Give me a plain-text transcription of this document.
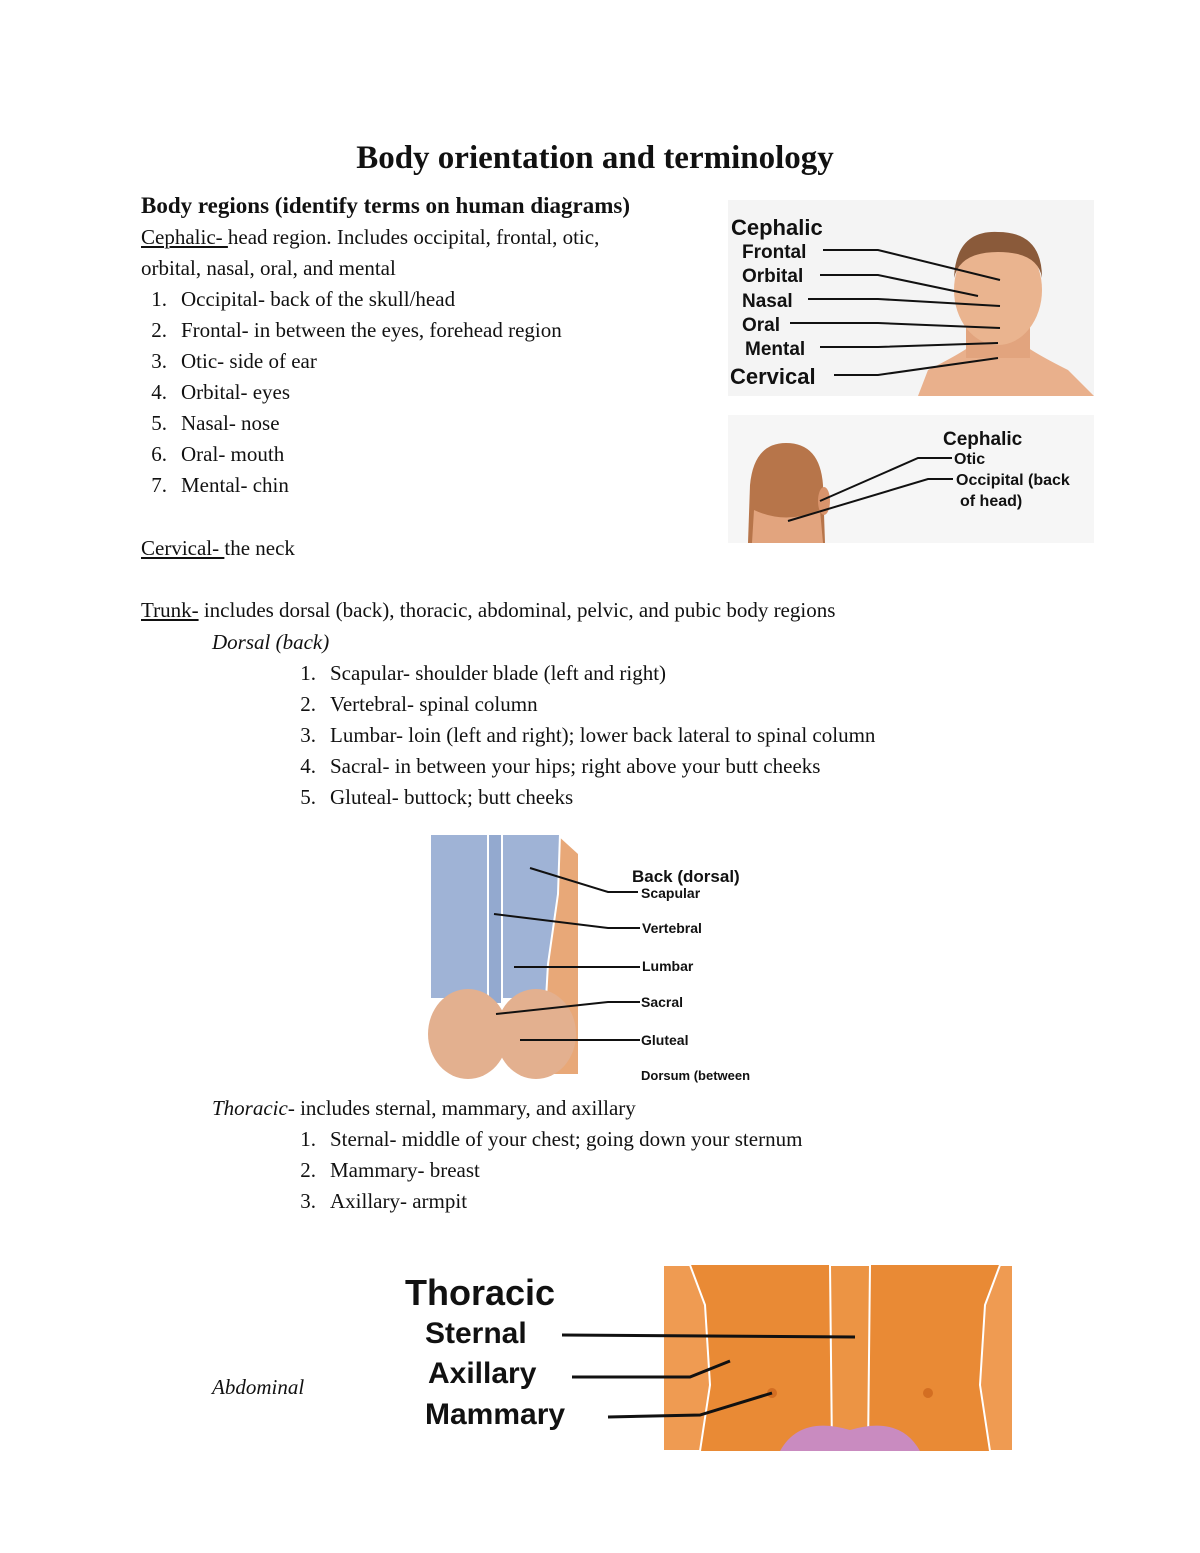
Body orientation and terminology
Body regions (identify terms on human diagrams)
Cephalic- head region. Includes occipital, frontal, otic,
orbital, nasal, oral, and mental
1. Occipital- back of the skull/head
2. Frontal- in between the eyes, forehead region
3. Otic- side of ear
4. Orbital- eyes
5. Nasal- nose
6. Oral- mouth
7. Mental- chin
Cervical- the neck
Trunk- includes dorsal (back), thoracic, abdominal, pelvic, and pubic body regions
Dorsal (back)
1. Scapular- shoulder blade (left and right)
2. Vertebral- spinal column
3. Lumbar- loin (left and right); lower back lateral to spinal column
4. Sacral- in between your hips; right above your butt cheeks
5. Gluteal- buttock; butt cheeks
Thoracic- includes sternal, mammary, and axillary
1. Sternal- middle of your chest; going down your sternum
2. Mammary- breast
3. Axillary- armpit
Abdominal
Cephalic
Frontal
Orbital
Nasal
Oral
Mental
Cervical
Cephalic
Otic
Occipital (back
of head)
Back (dorsal)
Scapular
Vertebral
Lumbar
Sacral
Gluteal
Dorsum (between
Thoracic
Sternal
Axillary
Mammary
